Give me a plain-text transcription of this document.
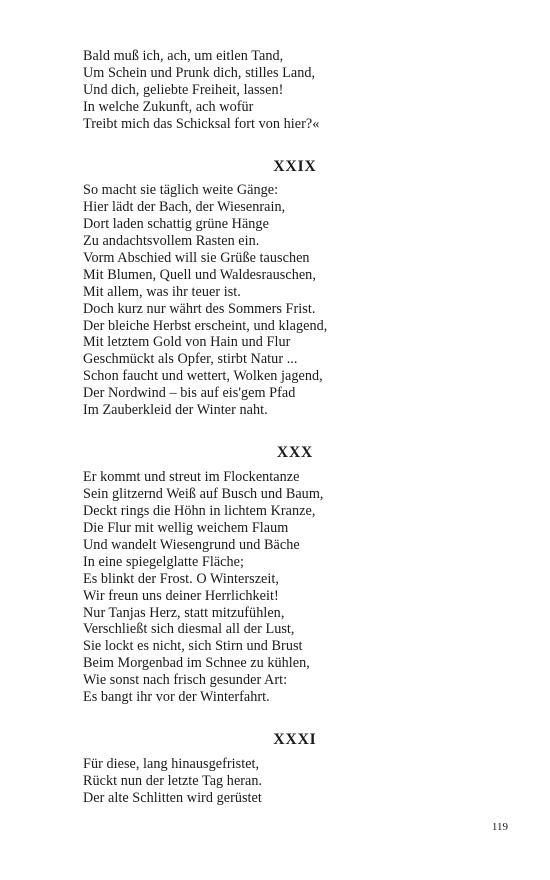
Bald muß ich, ach, um eitlen Tand,
Um Schein und Prunk dich, stilles Land,
Und dich, geliebte Freiheit, lassen!
In welche Zukunft, ach wofür
Treibt mich das Schicksal fort von hier?«
XXIX
So macht sie täglich weite Gänge:
Hier lädt der Bach, der Wiesenrain,
Dort laden schattig grüne Hänge
Zu andachtsvollem Rasten ein.
Vorm Abschied will sie Grüße tauschen
Mit Blumen, Quell und Waldesrauschen,
Mit allem, was ihr teuer ist.
Doch kurz nur währt des Sommers Frist.
Der bleiche Herbst erscheint, und klagend,
Mit letztem Gold von Hain und Flur
Geschmückt als Opfer, stirbt Natur ...
Schon faucht und wettert, Wolken jagend,
Der Nordwind – bis auf eis'gem Pfad
Im Zauberkleid der Winter naht.
XXX
Er kommt und streut im Flockentanze
Sein glitzernd Weiß auf Busch und Baum,
Deckt rings die Höhn in lichtem Kranze,
Die Flur mit wellig weichem Flaum
Und wandelt Wiesengrund und Bäche
In eine spiegelglatte Fläche;
Es blinkt der Frost. O Winterszeit,
Wir freun uns deiner Herrlichkeit!
Nur Tanjas Herz, statt mitzufühlen,
Verschließt sich diesmal all der Lust,
Sie lockt es nicht, sich Stirn und Brust
Beim Morgenbad im Schnee zu kühlen,
Wie sonst nach frisch gesunder Art:
Es bangt ihr vor der Winterfahrt.
XXXI
Für diese, lang hinausgefristet,
Rückt nun der letzte Tag heran.
Der alte Schlitten wird gerüstet
119
